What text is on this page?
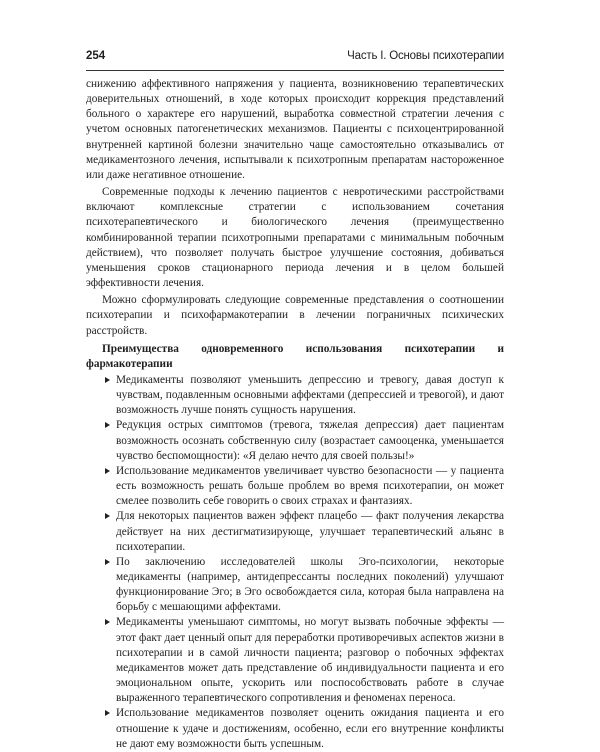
254	Часть I. Основы психотерапии

снижению аффективного напряжения у пациента, возникновению терапевтических доверительных отношений, в ходе которых происходит коррекция представлений больного о характере его нарушений, выработка совместной стратегии лечения с учетом основных патогенетических механизмов. Пациенты с психоцентрированной внутренней картиной болезни значительно чаще самостоятельно отказывались от медикаментозного лечения, испытывали к психотропным препаратам настороженное или даже негативное отношение.

Современные подходы к лечению пациентов с невротическими расстройствами включают комплексные стратегии с использованием сочетания психотерапевтического и биологического лечения (преимущественно комбинированной терапии психотропными препаратами с минимальным побочным действием), что позволяет получать быстрое улучшение состояния, добиваться уменьшения сроков стационарного периода лечения и в целом большей эффективности лечения.

Можно сформулировать следующие современные представления о соотношении психотерапии и психофармакотерапии в лечении пограничных психических расстройств.

Преимущества одновременного использования психотерапии и фармакотерапии
Медикаменты позволяют уменьшить депрессию и тревогу, давая доступ к чувствам, подавленным основными аффектами (депрессией и тревогой), и дают возможность лучше понять сущность нарушения.
Редукция острых симптомов (тревога, тяжелая депрессия) дает пациентам возможность осознать собственную силу (возрастает самооценка, уменьшается чувство беспомощности): «Я делаю нечто для своей пользы!»
Использование медикаментов увеличивает чувство безопасности — у пациента есть возможность решать больше проблем во время психотерапии, он может смелее позволить себе говорить о своих страхах и фантазиях.
Для некоторых пациентов важен эффект плацебо — факт получения лекарства действует на них дестигматизирующе, улучшает терапевтический альянс в психотерапии.
По заключению исследователей школы Эго-психологии, некоторые медикаменты (например, антидепрессанты последних поколений) улучшают функционирование Эго; в Эго освобождается сила, которая была направлена на борьбу с мешающими аффектами.
Медикаменты уменьшают симптомы, но могут вызвать побочные эффекты — этот факт дает ценный опыт для переработки противоречивых аспектов жизни в психотерапии и в самой личности пациента; разговор о побочных эффектах медикаментов может дать представление об индивидуальности пациента и его эмоциональном опыте, ускорить или поспособствовать работе в случае выраженного терапевтического сопротивления и феноменах переноса.
Использование медикаментов позволяет оценить ожидания пациента и его отношение к удаче и достижениям, особенно, если его внутренние конфликты не дают ему возможности быть успешным.
